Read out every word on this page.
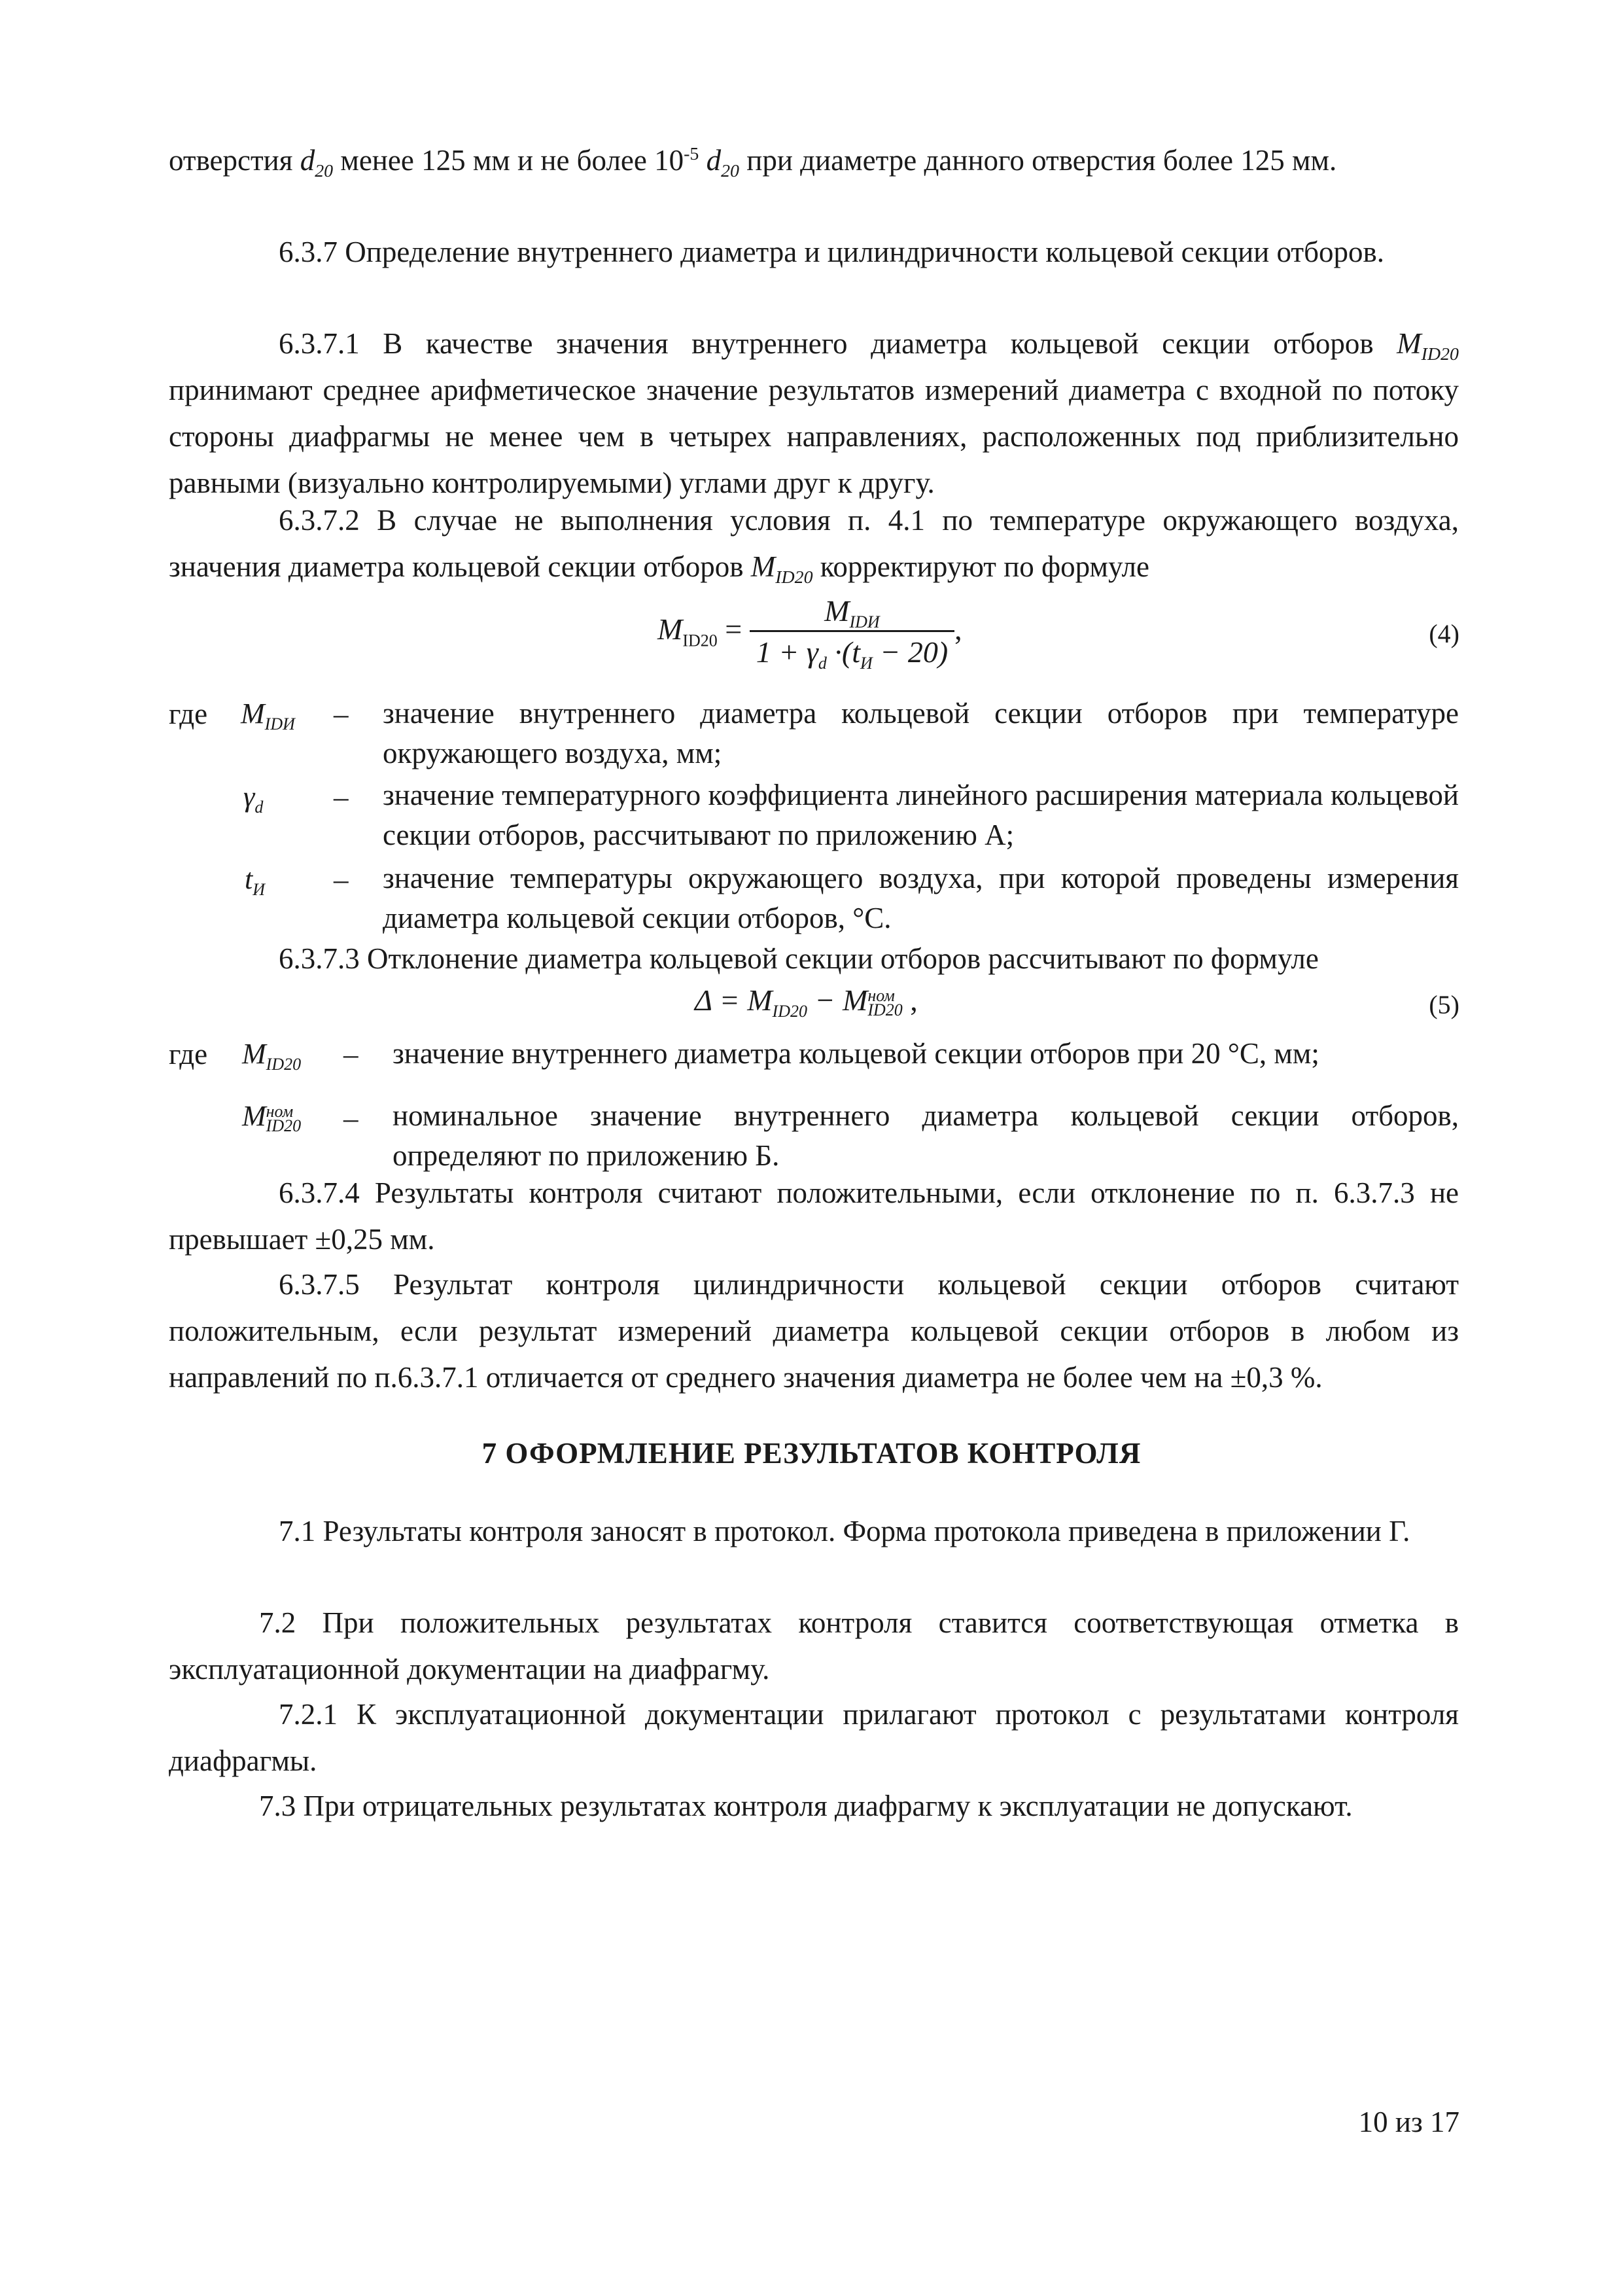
отверстия $d_{20}$ менее 125 мм и не более $10^{-5}$ $d_{20}$ при диаметре данного отверстия более 125 мм.
6.3.7 Определение внутреннего диаметра и цилиндричности кольцевой секции отборов.
6.3.7.1 В качестве значения внутреннего диаметра кольцевой секции отборов $M_{ID20}$ принимают среднее арифметическое значение результатов измерений диаметра с входной по потоку стороны диафрагмы не менее чем в четырех направлениях, расположенных под приблизительно равными (визуально контролируемыми) углами друг к другу.
6.3.7.2 В случае не выполнения условия п. 4.1 по температуре окружающего воздуха, значения диаметра кольцевой секции отборов $M_{ID20}$ корректируют по формуле
$M_{ID20} = \frac{M_{IDИ}}{1 + \gamma_d \cdot(t_И - 20)}$ ,	(4)
где $M_{IDИ}$ – значение внутреннего диаметра кольцевой секции отборов при температуре окружающего воздуха, мм;
$\gamma_d$ – значение температурного коэффициента линейного расширения материала кольцевой секции отборов, рассчитывают по приложению А;
$t_И$ – значение температуры окружающего воздуха, при которой проведены измерения диаметра кольцевой секции отборов, °C.
6.3.7.3 Отклонение диаметра кольцевой секции отборов рассчитывают по формуле
$\Delta = M_{ID20} - M$ ном
ID20 ,	(5)
где $M_{ID20}$ – значение внутреннего диаметра кольцевой секции отборов при 20 °C, мм;
M ном
ID20 – номинальное значение внутреннего диаметра кольцевой секции отборов, определяют по приложению Б.
6.3.7.4 Результаты контроля считают положительными, если отклонение по п. 6.3.7.3 не превышает ±0,25 мм.
6.3.7.5 Результат контроля цилиндричности кольцевой секции отборов считают положительным, если результат измерений диаметра кольцевой секции отборов в любом из направлений по п.6.3.7.1 отличается от среднего значения диаметра не более чем на ±0,3 %.
7 ОФОРМЛЕНИЕ РЕЗУЛЬТАТОВ КОНТРОЛЯ
7.1 Результаты контроля заносят в протокол. Форма протокола приведена в приложении Г.
7.2 При положительных результатах контроля ставится соответствующая отметка в эксплуатационной документации на диафрагму.
7.2.1 К эксплуатационной документации прилагают протокол с результатами контроля диафрагмы.
7.3 При отрицательных результатах контроля диафрагму к эксплуатации не допускают.
10 из 17
